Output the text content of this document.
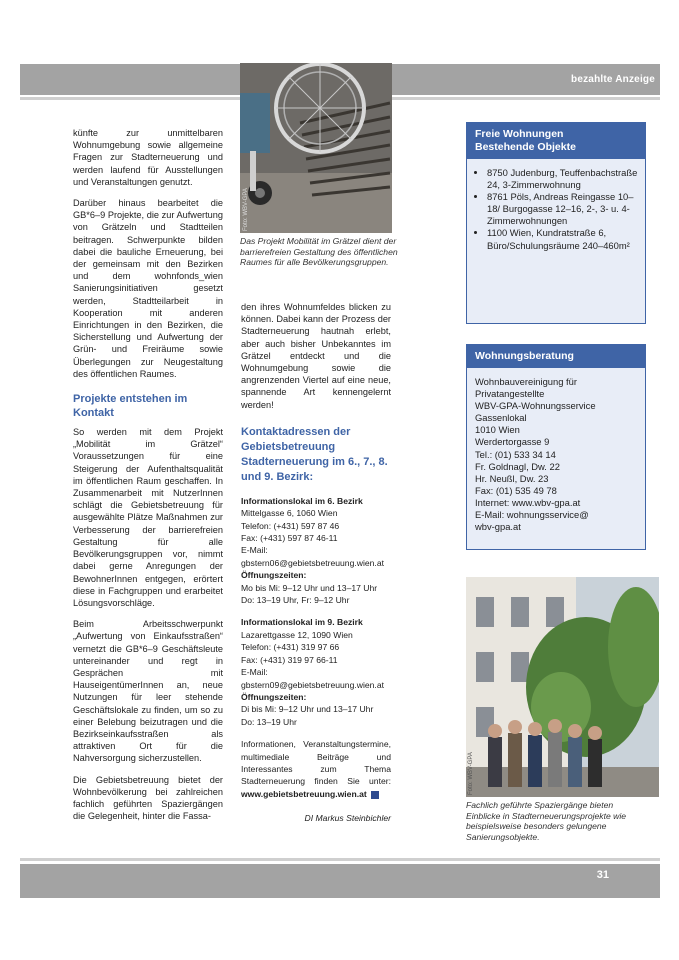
bezahlte Anzeige

künfte zur unmittelbaren Wohnumgebung sowie allgemeine Fragen zur Stadterneuerung und werden laufend für Ausstellungen und Veranstaltungen genutzt.

Darüber hinaus bearbeitet die GB*6–9 Projekte, die zur Aufwertung von Grätzeln und Stadtteilen beitragen. Schwerpunkte bilden dabei die bauliche Erneuerung, bei der gemeinsam mit den Bezirken und dem wohnfonds_wien Sanierungsinitiativen gesetzt werden, Stadtteilarbeit in Kooperation mit anderen Einrichtungen in den Bezirken, die Sicherstellung und Aufwertung der Grün- und Freiräume sowie Überlegungen zur Neugestaltung des öffentlichen Raumes.

Projekte entstehen im Kontakt

So werden mit dem Projekt „Mobilität im Grätzel“ Voraussetzungen für eine Steigerung der Aufenthaltsqualität im öffentlichen Raum geschaffen. In Zusammenarbeit mit NutzerInnen schlägt die Gebietsbetreuung für ausgewählte Plätze Maßnahmen zur Verbesserung der barrierefreien Gestaltung für alle Bevölkerungsgruppen vor, nimmt dabei gerne Anregungen der BewohnerInnen entgegen, erörtert diese in Fachgruppen und erarbeitet Lösungsvorschläge.

Beim Arbeitsschwerpunkt „Aufwertung von Einkaufsstraßen“ vernetzt die GB*6–9 Geschäftsleute untereinander und regt in Gesprächen mit HauseigentümerInnen an, neue Nutzungen für leer stehende Geschäftslokale zu finden, um so zu einer Belebung beizutragen und die Bezirkseinkaufsstraßen als attraktiven Ort für die Nahversorgung sicherzustellen.

Die Gebietsbetreuung bietet der Wohnbevölkerung bei zahlreichen fachlich geführten Spaziergängen die Gelegenheit, hinter die Fassa-

Foto: WBV-GPA
Das Projekt Mobilität im Grätzel dient der barrierefreien Gestaltung des öffentlichen Raumes für alle Bevölkerungsgruppen.

den ihres Wohnumfeldes blicken zu können. Dabei kann der Prozess der Stadterneuerung hautnah erlebt, aber auch bisher Unbekanntes im Grätzel entdeckt und die Wohnumgebung sowie die angrenzenden Viertel auf eine neue, spannende Art kennengelernt werden!

Kontaktadressen der Gebietsbetreuung Stadterneuerung im 6., 7., 8. und 9. Bezirk:
Informationslokal im 6. Bezirk
Mittelgasse 6, 1060 Wien
Telefon: (+431) 597 87 46
Fax: (+431) 597 87 46-11
E-Mail: gbstern06@gebietsbetreuung.wien.at
Öffnungszeiten:
Mo bis Mi: 9–12 Uhr und 13–17 Uhr
Do: 13–19 Uhr, Fr: 9–12 Uhr
Informationslokal im 9. Bezirk
Lazarettgasse 12, 1090 Wien
Telefon: (+431) 319 97 66
Fax: (+431) 319 97 66-11
E-Mail: gbstern09@gebietsbetreuung.wien.at
Öffnungszeiten:
Di bis Mi: 9–12 Uhr und 13–17 Uhr
Do: 13–19 Uhr
Informationen, Veranstaltungstermine, multimediale Beiträge und Interessantes zum Thema Stadterneuerung finden Sie unter: www.gebietsbetreuung.wien.at
DI Markus Steinbichler
Freie Wohnungen
Bestehende Objekte
• 8750 Judenburg, Teuffenbachstraße 24, 3-Zimmerwohnung
• 8761 Pöls, Andreas Reingasse 10–18/ Burgogasse 12–16, 2-, 3- u. 4-Zimmerwohnungen
• 1100 Wien, Kundratstraße 6, Büro/Schulungsräume 240–460m²
Wohnungsberatung
Wohnbauvereinigung für
Privatangestellte
WBV-GPA-Wohnungsservice
Gassenlokal
1010 Wien
Werdertorgasse 9
Tel.: (01) 533 34 14
Fr. Goldnagl, Dw. 22
Hr. Neußl, Dw. 23
Fax: (01) 535 49 78
Internet: www.wbv-gpa.at
E-Mail: wohnungsservice@
wbv-gpa.at
Foto: WBV-GPA
Fachlich geführte Spaziergänge bieten Einblicke in Stadterneuerungsprojekte wie beispielsweise besonders gelungene Sanierungsobjekte.
31
